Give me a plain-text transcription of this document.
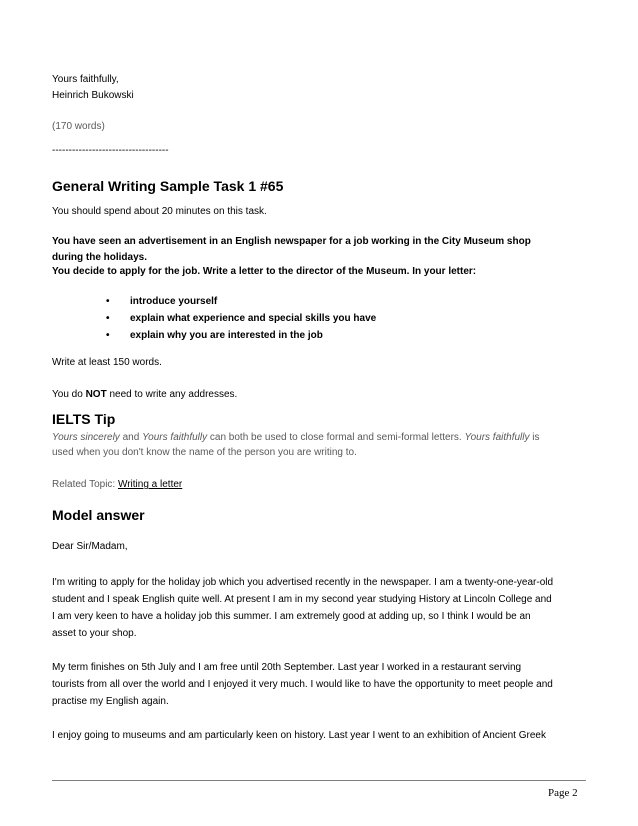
Yours faithfully,
Heinrich Bukowski
(170 words)
-----------------------------------
General Writing Sample Task 1 #65
You should spend about 20 minutes on this task.
You have seen an advertisement in an English newspaper for a job working in the City Museum shop
during the holidays.
You decide to apply for the job. Write a letter to the director of the Museum. In your letter:
• introduce yourself
• explain what experience and special skills you have
• explain why you are interested in the job
Write at least 150 words.
You do NOT need to write any addresses.
IELTS Tip
Yours sincerely and Yours faithfully can both be used to close formal and semi-formal letters. Yours faithfully is
used when you don't know the name of the person you are writing to.
Related Topic: Writing a letter
Model answer
Dear Sir/Madam,
I'm writing to apply for the holiday job which you advertised recently in the newspaper. I am a twenty-one-year-old
student and I speak English quite well. At present I am in my second year studying History at Lincoln College and
I am very keen to have a holiday job this summer. I am extremely good at adding up, so I think I would be an
asset to your shop.
My term finishes on 5th July and I am free until 20th September. Last year I worked in a restaurant serving
tourists from all over the world and I enjoyed it very much. I would like to have the opportunity to meet people and
practise my English again.
I enjoy going to museums and am particularly keen on history. Last year I went to an exhibition of Ancient Greek
Page 2
